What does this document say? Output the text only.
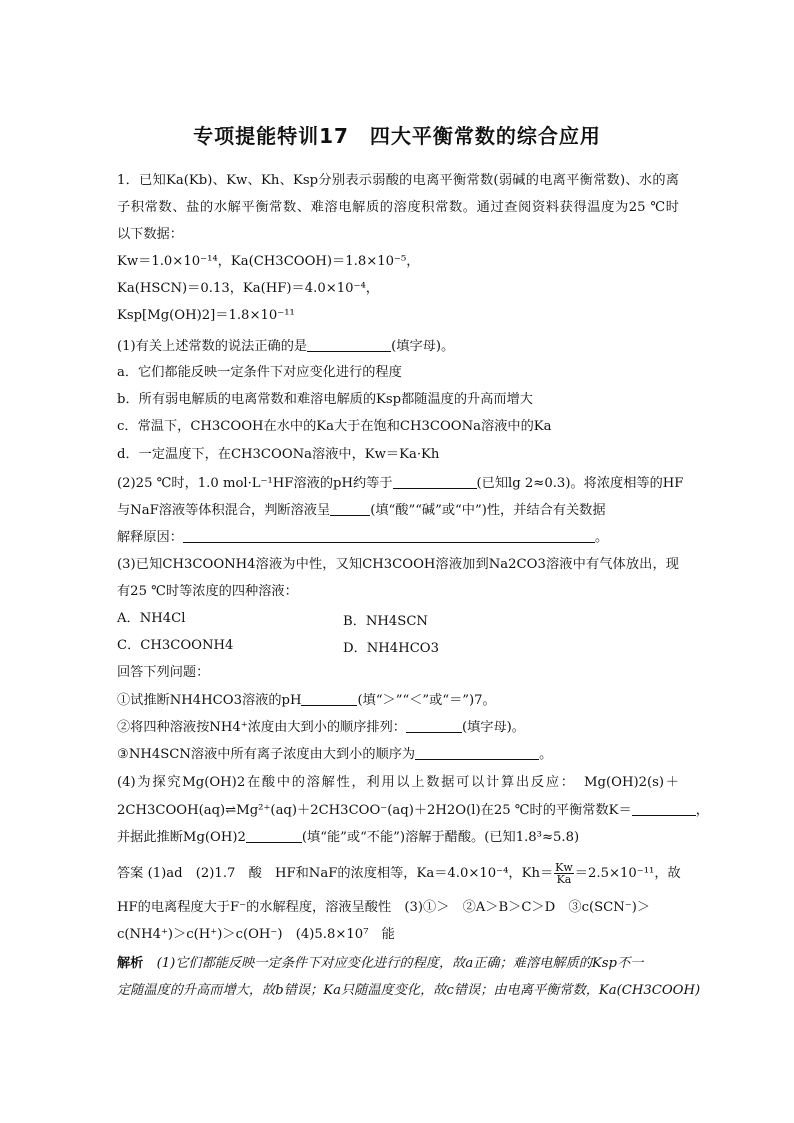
专项提能特训17　四大平衡常数的综合应用
1．已知Ka(Kb)、Kw、Kh、Ksp分别表示弱酸的电离平衡常数(弱碱的电离平衡常数)、水的离
子积常数、盐的水解平衡常数、难溶电解质的溶度积常数。通过查阅资料获得温度为25 ℃时
以下数据：
Kw＝1.0×10⁻¹⁴，Ka(CH3COOH)＝1.8×10⁻⁵，
Ka(HSCN)＝0.13，Ka(HF)＝4.0×10⁻⁴，
Ksp[Mg(OH)2]＝1.8×10⁻¹¹
(1)有关上述常数的说法正确的是	(填字母)。
a．它们都能反映一定条件下对应变化进行的程度
b．所有弱电解质的电离常数和难溶电解质的Ksp都随温度的升高而增大
c．常温下，CH3COOH在水中的Ka大于在饱和CH3COONa溶液中的Ka
d．一定温度下，在CH3COONa溶液中，Kw＝Ka·Kh
(2)25 ℃时，1.0 mol·L⁻¹HF溶液的pH约等于	(已知lg 2≈0.3)。将浓度相等的HF
与NaF溶液等体积混合，判断溶液呈	(填“酸”“碱”或“中”)性，并结合有关数据
解释原因：	。
(3)已知CH3COONH4溶液为中性，又知CH3COOH溶液加到Na2CO3溶液中有气体放出，现
有25 ℃时等浓度的四种溶液：
A．NH4Cl	B．NH4SCN
C．CH3COONH4	D．NH4HCO3
回答下列问题：
①试推断NH4HCO3溶液的pH	(填“＞”“＜”或“＝”)7。
②将四种溶液按NH4⁺浓度由大到小的顺序排列：	(填字母)。
③NH4SCN溶液中所有离子浓度由大到小的顺序为	。
(4)为探究Mg(OH)2在酸中的溶解性，利用以上数据可以计算出反应：　Mg(OH)2(s)＋
2CH3COOH(aq)⇌Mg²⁺(aq)＋2CH3COO⁻(aq)＋2H2O(l)在25 ℃时的平衡常数K＝	，
并据此推断Mg(OH)2	(填“能”或“不能”)溶解于醋酸。(已知1.8³≈5.8)
答案 (1)ad　(2)1.7　酸　HF和NaF的浓度相等，Ka＝4.0×10⁻⁴，$Kh= \frac{Kw}{Ka} =2.5\times 10^{-11}$，故
HF的电离程度大于F⁻的水解程度，溶液呈酸性　(3)①＞　②A＞B＞C＞D　③c(SCN⁻)＞
c(NH4⁺)＞c(H⁺)＞c(OH⁻)　(4)5.8×10⁷　能
解析　 (1)它们都能反映一定条件下对应变化进行的程度，故a正确；难溶电解质的Ksp不一
定随温度的升高而增大，故b错误；Ka只随温度变化，故c错误；由电离平衡常数，Ka(CH3COOH)
